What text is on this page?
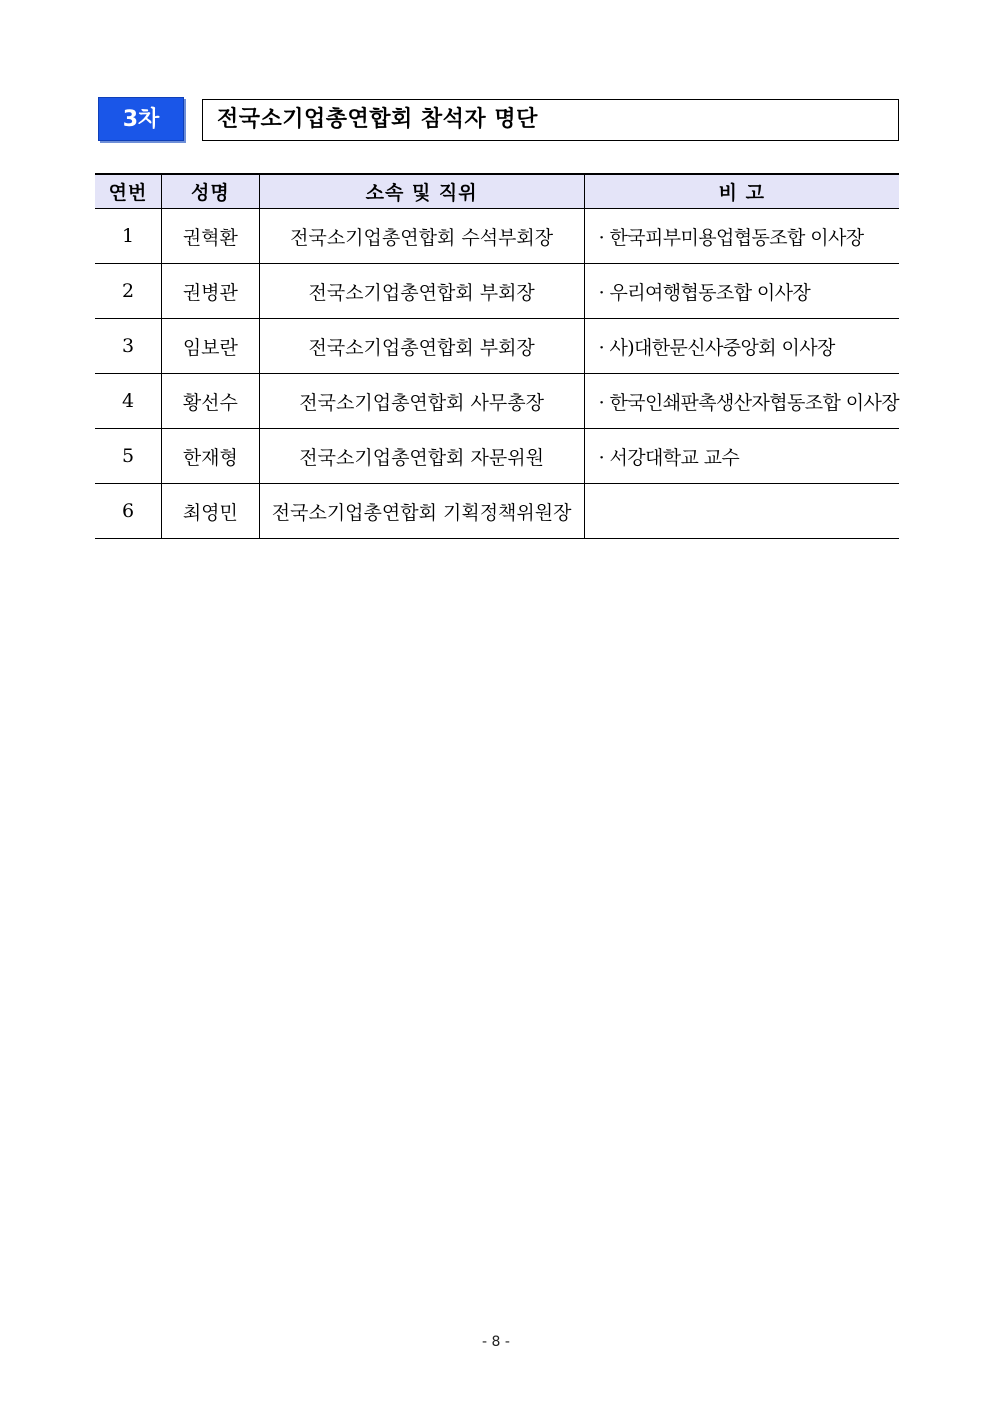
3차	전국소기업총연합회 참석자 명단
연번	성명	소속 및 직위	비 고
1	권혁환	전국소기업총연합회 수석부회장	· 한국피부미용업협동조합 이사장
2	권병관	전국소기업총연합회 부회장	· 우리여행협동조합 이사장
3	임보란	전국소기업총연합회 부회장	· 사)대한문신사중앙회 이사장
4	황선수	전국소기업총연합회 사무총장	· 한국인쇄판촉생산자협동조합 이사장
5	한재형	전국소기업총연합회 자문위원	· 서강대학교 교수
6	최영민	전국소기업총연합회 기획정책위원장	
- 8 -
